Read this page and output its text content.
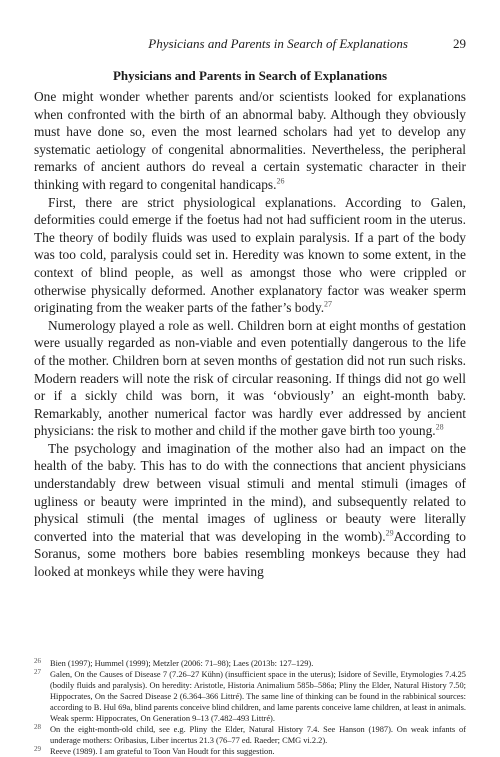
Physicians and Parents in Search of Explanations	29
Physicians and Parents in Search of Explanations

One might wonder whether parents and/or scientists looked for explanations when confronted with the birth of an abnormal baby. Although they obviously must have done so, even the most learned scholars had yet to develop any systematic aetiology of congenital abnormalities. Nevertheless, the peripheral remarks of ancient authors do reveal a certain systematic character in their thinking with regard to congenital handicaps.$^{26}$

First, there are strict physiological explanations. According to Galen, deformities could emerge if the foetus had not had sufficient room in the uterus. The theory of bodily fluids was used to explain paralysis. If a part of the body was too cold, paralysis could set in. Heredity was known to some extent, in the context of blind people, as well as amongst those who were crippled or otherwise physically deformed. Another explanatory factor was weaker sperm originating from the weaker parts of the father’s body.$^{27}$

Numerology played a role as well. Children born at eight months of gestation were usually regarded as non-viable and even potentially dangerous to the life of the mother. Children born at seven months of gestation did not run such risks. Modern readers will note the risk of circular reasoning. If things did not go well or if a sickly child was born, it was ‘obviously’ an eight-month baby. Remarkably, another numerical factor was hardly ever addressed by ancient physicians: the risk to mother and child if the mother gave birth too young.$^{28}$

The psychology and imagination of the mother also had an impact on the health of the baby. This has to do with the connections that ancient physicians understandably drew between visual stimuli and mental stimuli (images of ugliness or beauty were imprinted in the mind), and subsequently related to physical stimuli (the mental images of ugliness or beauty were literally converted into the material that was developing in the womb).$^{29}$According to Soranus, some mothers bore babies resembling monkeys because they had looked at monkeys while they were having

26 Bien (1997); Hummel (1999); Metzler (2006: 71–98); Laes (2013b: 127–129).
27 Galen, On the Causes of Disease 7 (7.26–27 Kühn) (insufficient space in the uterus); Isidore of Seville, Etymologies 7.4.25 (bodily fluids and paralysis). On heredity: Aristotle, Historia Animalium 585b–586a; Pliny the Elder, Natural History 7.50; Hippocrates, On the Sacred Disease 2 (6.364–366 Littré). The same line of thinking can be found in the rabbinical sources: according to B. Hul 69a, blind parents conceive blind children, and lame parents conceive lame children, at least in animals. Weak sperm: Hippocrates, On Generation 9–13 (7.482–493 Littré).
28 On the eight-month-old child, see e.g. Pliny the Elder, Natural History 7.4. See Hanson (1987). On weak infants of underage mothers: Oribasius, Liber incertus 21.3 (76–77 ed. Raeder; CMG vi.2.2).
29 Reeve (1989). I am grateful to Toon Van Houdt for this suggestion.
